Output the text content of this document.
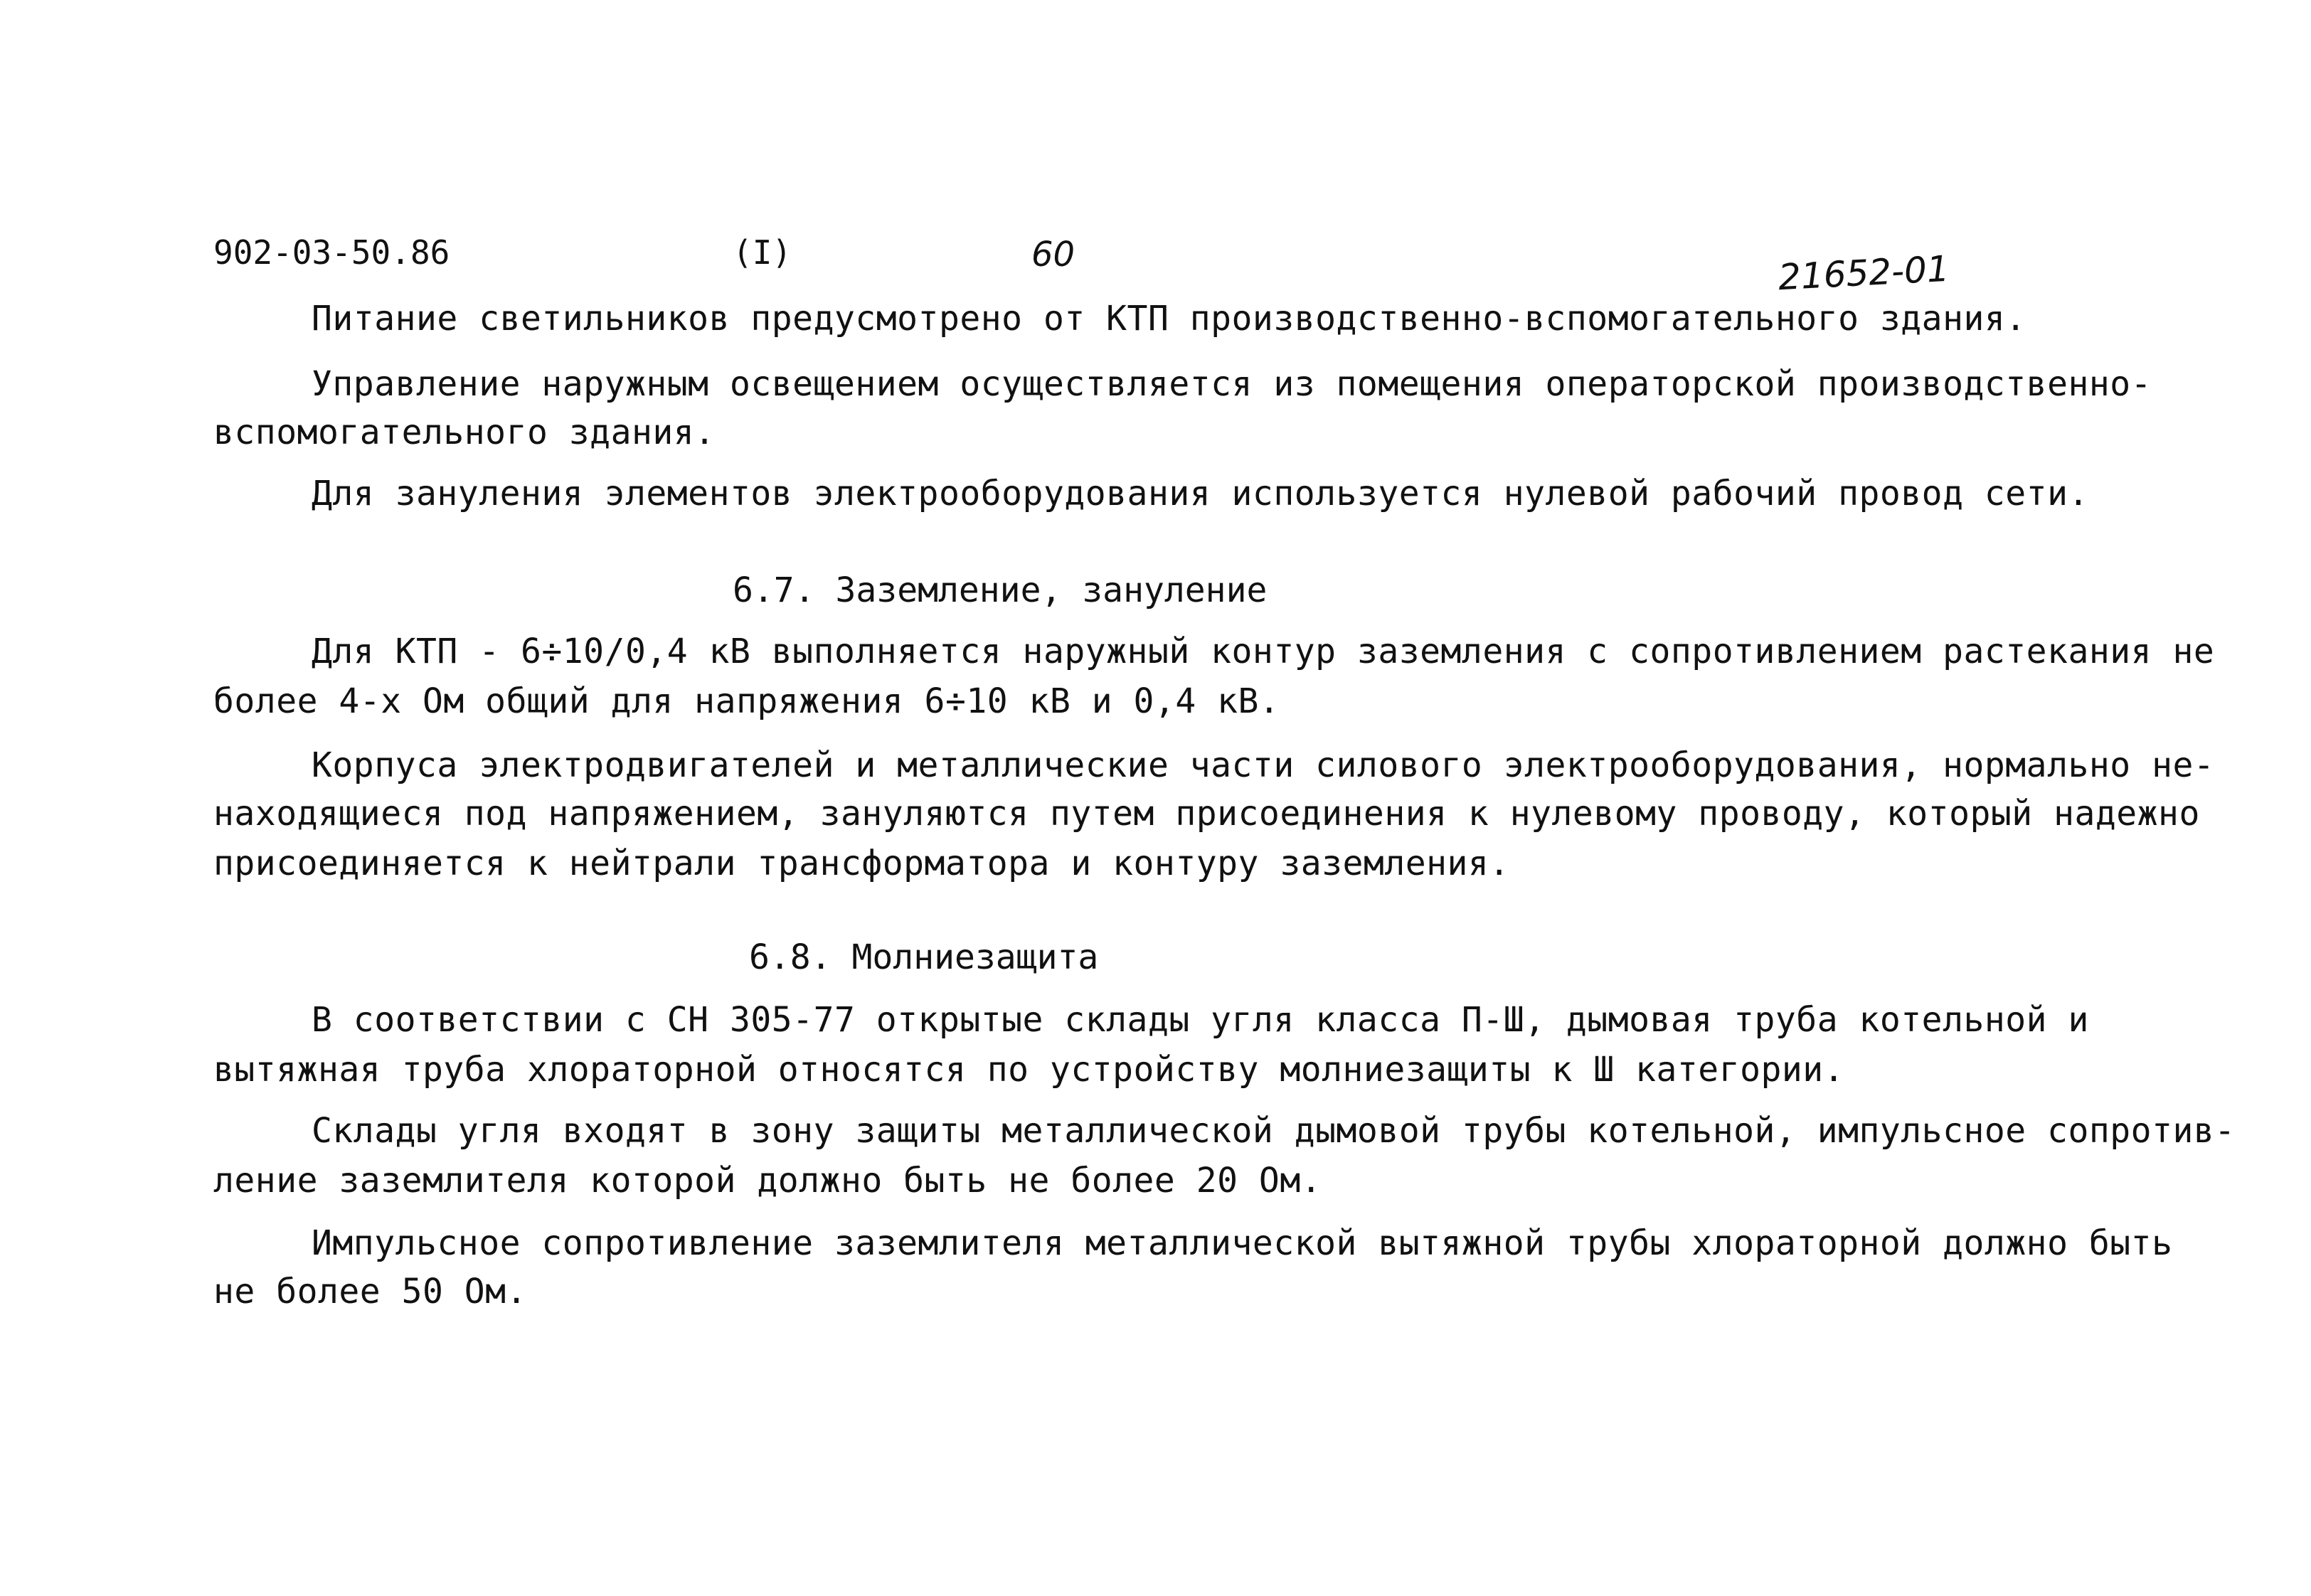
902-03-50.86	(I)	60	21652-01
Питание светильников предусмотрено от КТП производственно-вспомогательного здания.
Управление наружным освещением осуществляется из помещения операторской производственно-
вспомогательного здания.
Для зануления элементов электрооборудования используется нулевой рабочий провод сети.
6.7. Заземление, зануление
Для КТП - 6÷10/0,4 кВ выполняется наружный контур заземления с сопротивлением растекания не
более 4-х Ом общий для напряжения 6÷10 кВ и 0,4 кВ.
Корпуса электродвигателей и металлические части силового электрооборудования, нормально не-
находящиеся под напряжением, зануляются путем присоединения к нулевому проводу, который надежно
присоединяется к нейтрали трансформатора и контуру заземления.
6.8. Молниезащита
В соответствии с СН 305-77 открытые склады угля класса П-Ш, дымовая труба котельной и
вытяжная труба хлораторной относятся по устройству молниезащиты к Ш категории.
Склады угля входят в зону защиты металлической дымовой трубы котельной, импульсное сопротив-
ление заземлителя которой должно быть не более 20 Ом.
Импульсное сопротивление заземлителя металлической вытяжной трубы хлораторной должно быть
не более 50 Ом.
